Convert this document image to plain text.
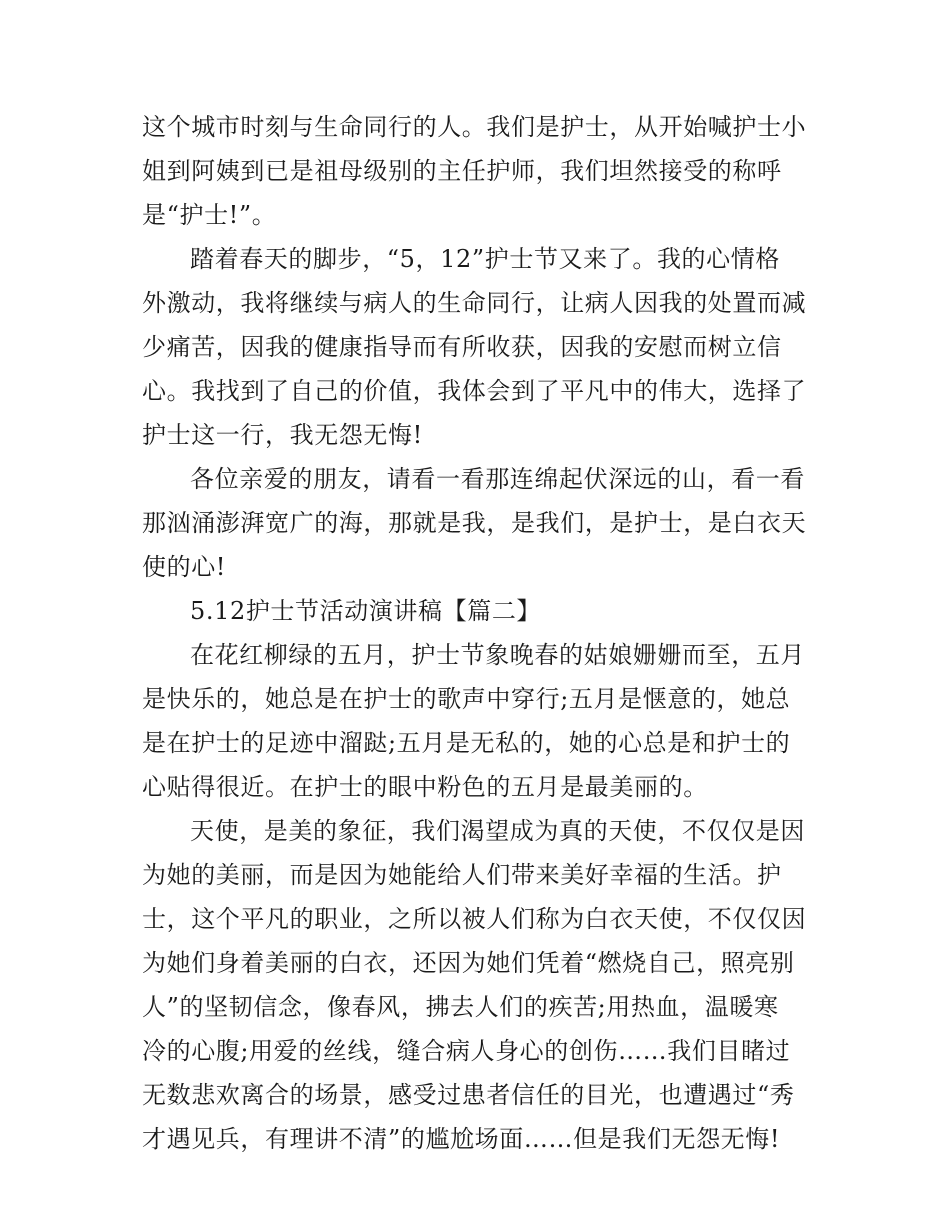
这个城市时刻与生命同行的人。我们是护士，从开始喊护士小
姐到阿姨到已是祖母级别的主任护师，我们坦然接受的称呼
是“护士!”。
踏着春天的脚步，“5，12”护士节又来了。我的心情格
外激动，我将继续与病人的生命同行，让病人因我的处置而减
少痛苦，因我的健康指导而有所收获，因我的安慰而树立信
心。我找到了自己的价值，我体会到了平凡中的伟大，选择了
护士这一行，我无怨无悔!
各位亲爱的朋友，请看一看那连绵起伏深远的山，看一看
那汹涌澎湃宽广的海，那就是我，是我们，是护士，是白衣天
使的心!
5.12护士节活动演讲稿【篇二】
在花红柳绿的五月，护士节象晚春的姑娘姗姗而至，五月
是快乐的，她总是在护士的歌声中穿行;五月是惬意的，她总
是在护士的足迹中溜跶;五月是无私的，她的心总是和护士的
心贴得很近。在护士的眼中粉色的五月是最美丽的。
天使，是美的象征，我们渴望成为真的天使，不仅仅是因
为她的美丽，而是因为她能给人们带来美好幸福的生活。护
士，这个平凡的职业，之所以被人们称为白衣天使，不仅仅因
为她们身着美丽的白衣，还因为她们凭着“燃烧自己，照亮别
人”的坚韧信念，像春风，拂去人们的疾苦;用热血，温暖寒
冷的心腹;用爱的丝线，缝合病人身心的创伤……我们目睹过
无数悲欢离合的场景，感受过患者信任的目光，也遭遇过“秀
才遇见兵，有理讲不清”的尴尬场面……但是我们无怨无悔!
